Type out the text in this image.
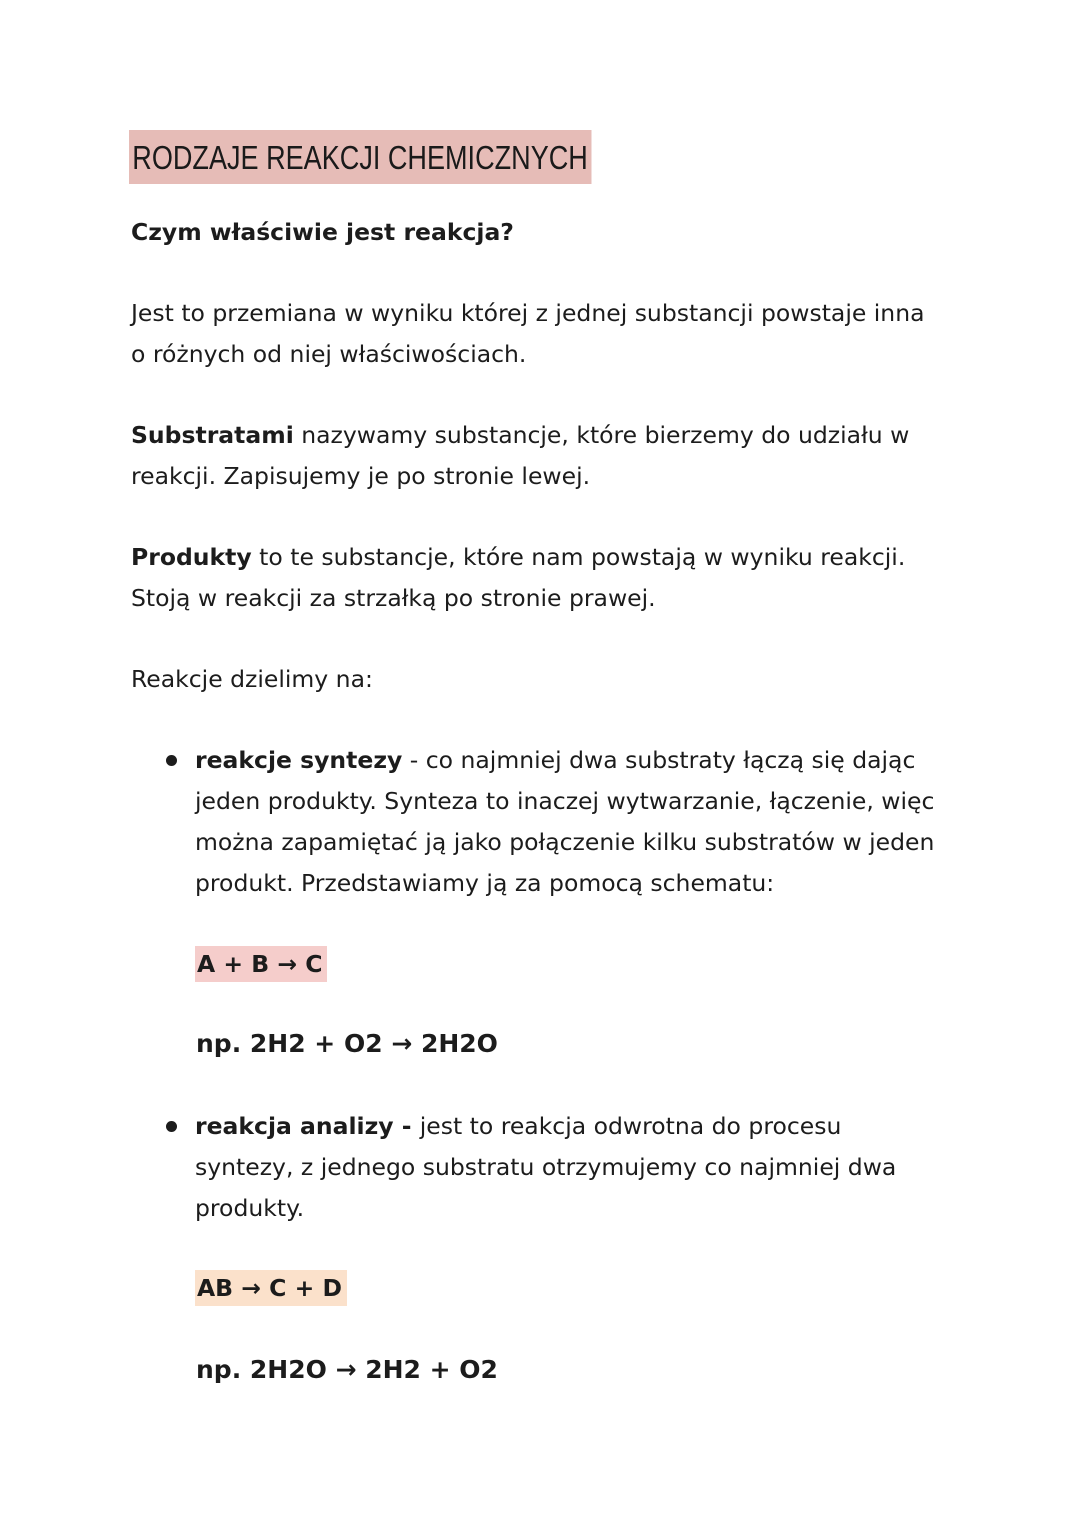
RODZAJE REAKCJI CHEMICZNYCH
Czym właściwie jest reakcja?
Jest to przemiana w wyniku której z jednej substancji powstaje inna
o różnych od niej właściwościach.
Substratami nazywamy substancje, które bierzemy do udziału w
reakcji. Zapisujemy je po stronie lewej.
Produkty to te substancje, które nam powstają w wyniku reakcji.
Stoją w reakcji za strzałką po stronie prawej.
Reakcje dzielimy na:
reakcje syntezy - co najmniej dwa substraty łączą się dając
jeden produkty. Synteza to inaczej wytwarzanie, łączenie, więc
można zapamiętać ją jako połączenie kilku substratów w jeden
produkt. Przedstawiamy ją za pomocą schematu:
A + B → C
np. 2H2 + O2 → 2H2O
reakcja analizy - jest to reakcja odwrotna do procesu
syntezy, z jednego substratu otrzymujemy co najmniej dwa
produkty.
AB → C + D
np. 2H2O → 2H2 + O2
